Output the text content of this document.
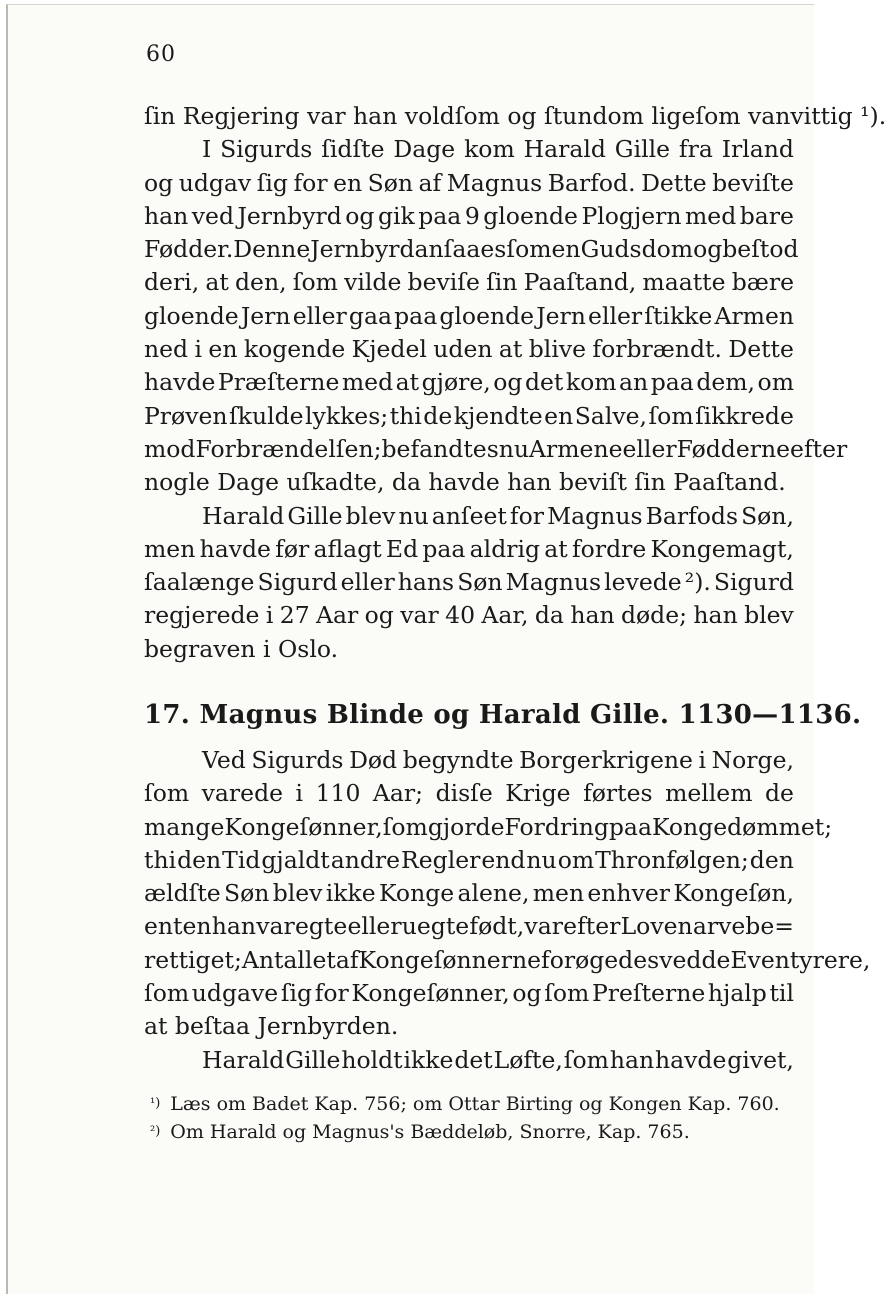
60
ſin Regjering var han voldſom og ſtundom ligeſom vanvittig ¹).
I Sigurds ſidſte Dage kom Harald Gille fra Irland
og udgav ſig for en Søn af Magnus Barfod. Dette beviſte
han ved Jernbyrd og gik paa 9 gloende Plogjern med bare
Fødder. Denne Jernbyrd anſaaes ſom en Gudsdom og beſtod
deri, at den, ſom vilde beviſe ſin Paaſtand, maatte bære
gloende Jern eller gaa paa gloende Jern eller ſtikke Armen
ned i en kogende Kjedel uden at blive forbrændt. Dette
havde Præſterne med at gjøre, og det kom an paa dem, om
Prøven ſkulde lykkes; thi de kjendte en Salve, ſom ſikkrede
mod Forbrændelſen; befandtes nu Armene eller Fødderne efter
nogle Dage uſkadte, da havde han beviſt ſin Paaſtand.
Harald Gille blev nu anſeet for Magnus Barfods Søn,
men havde før aflagt Ed paa aldrig at fordre Kongemagt,
ſaalænge Sigurd eller hans Søn Magnus levede ²). Sigurd
regjerede i 27 Aar og var 40 Aar, da han døde; han blev
begraven i Oslo.
17. Magnus Blinde og Harald Gille. 1130—1136.
Ved Sigurds Død begyndte Borgerkrigene i Norge,
ſom varede i 110 Aar; disſe Krige førtes mellem de
mange Kongeſønner, ſom gjorde Fordring paa Kongedømmet;
thi den Tid gjaldt andre Regler end nu om Thronfølgen; den
ældſte Søn blev ikke Konge alene, men enhver Kongeſøn,
enten han var egte eller uegte født, var efter Loven arvebe=
rettiget; Antallet af Kongeſønnerne forøgedes ved de Eventyrere,
ſom udgave ſig for Kongeſønner, og ſom Preſterne hjalp til
at beſtaa Jernbyrden.
Harald Gille holdt ikke det Løfte, ſom han havde givet,
¹) Læs om Badet Kap. 756; om Ottar Birting og Kongen Kap. 760.
²) Om Harald og Magnus's Bæddeløb, Snorre, Kap. 765.
